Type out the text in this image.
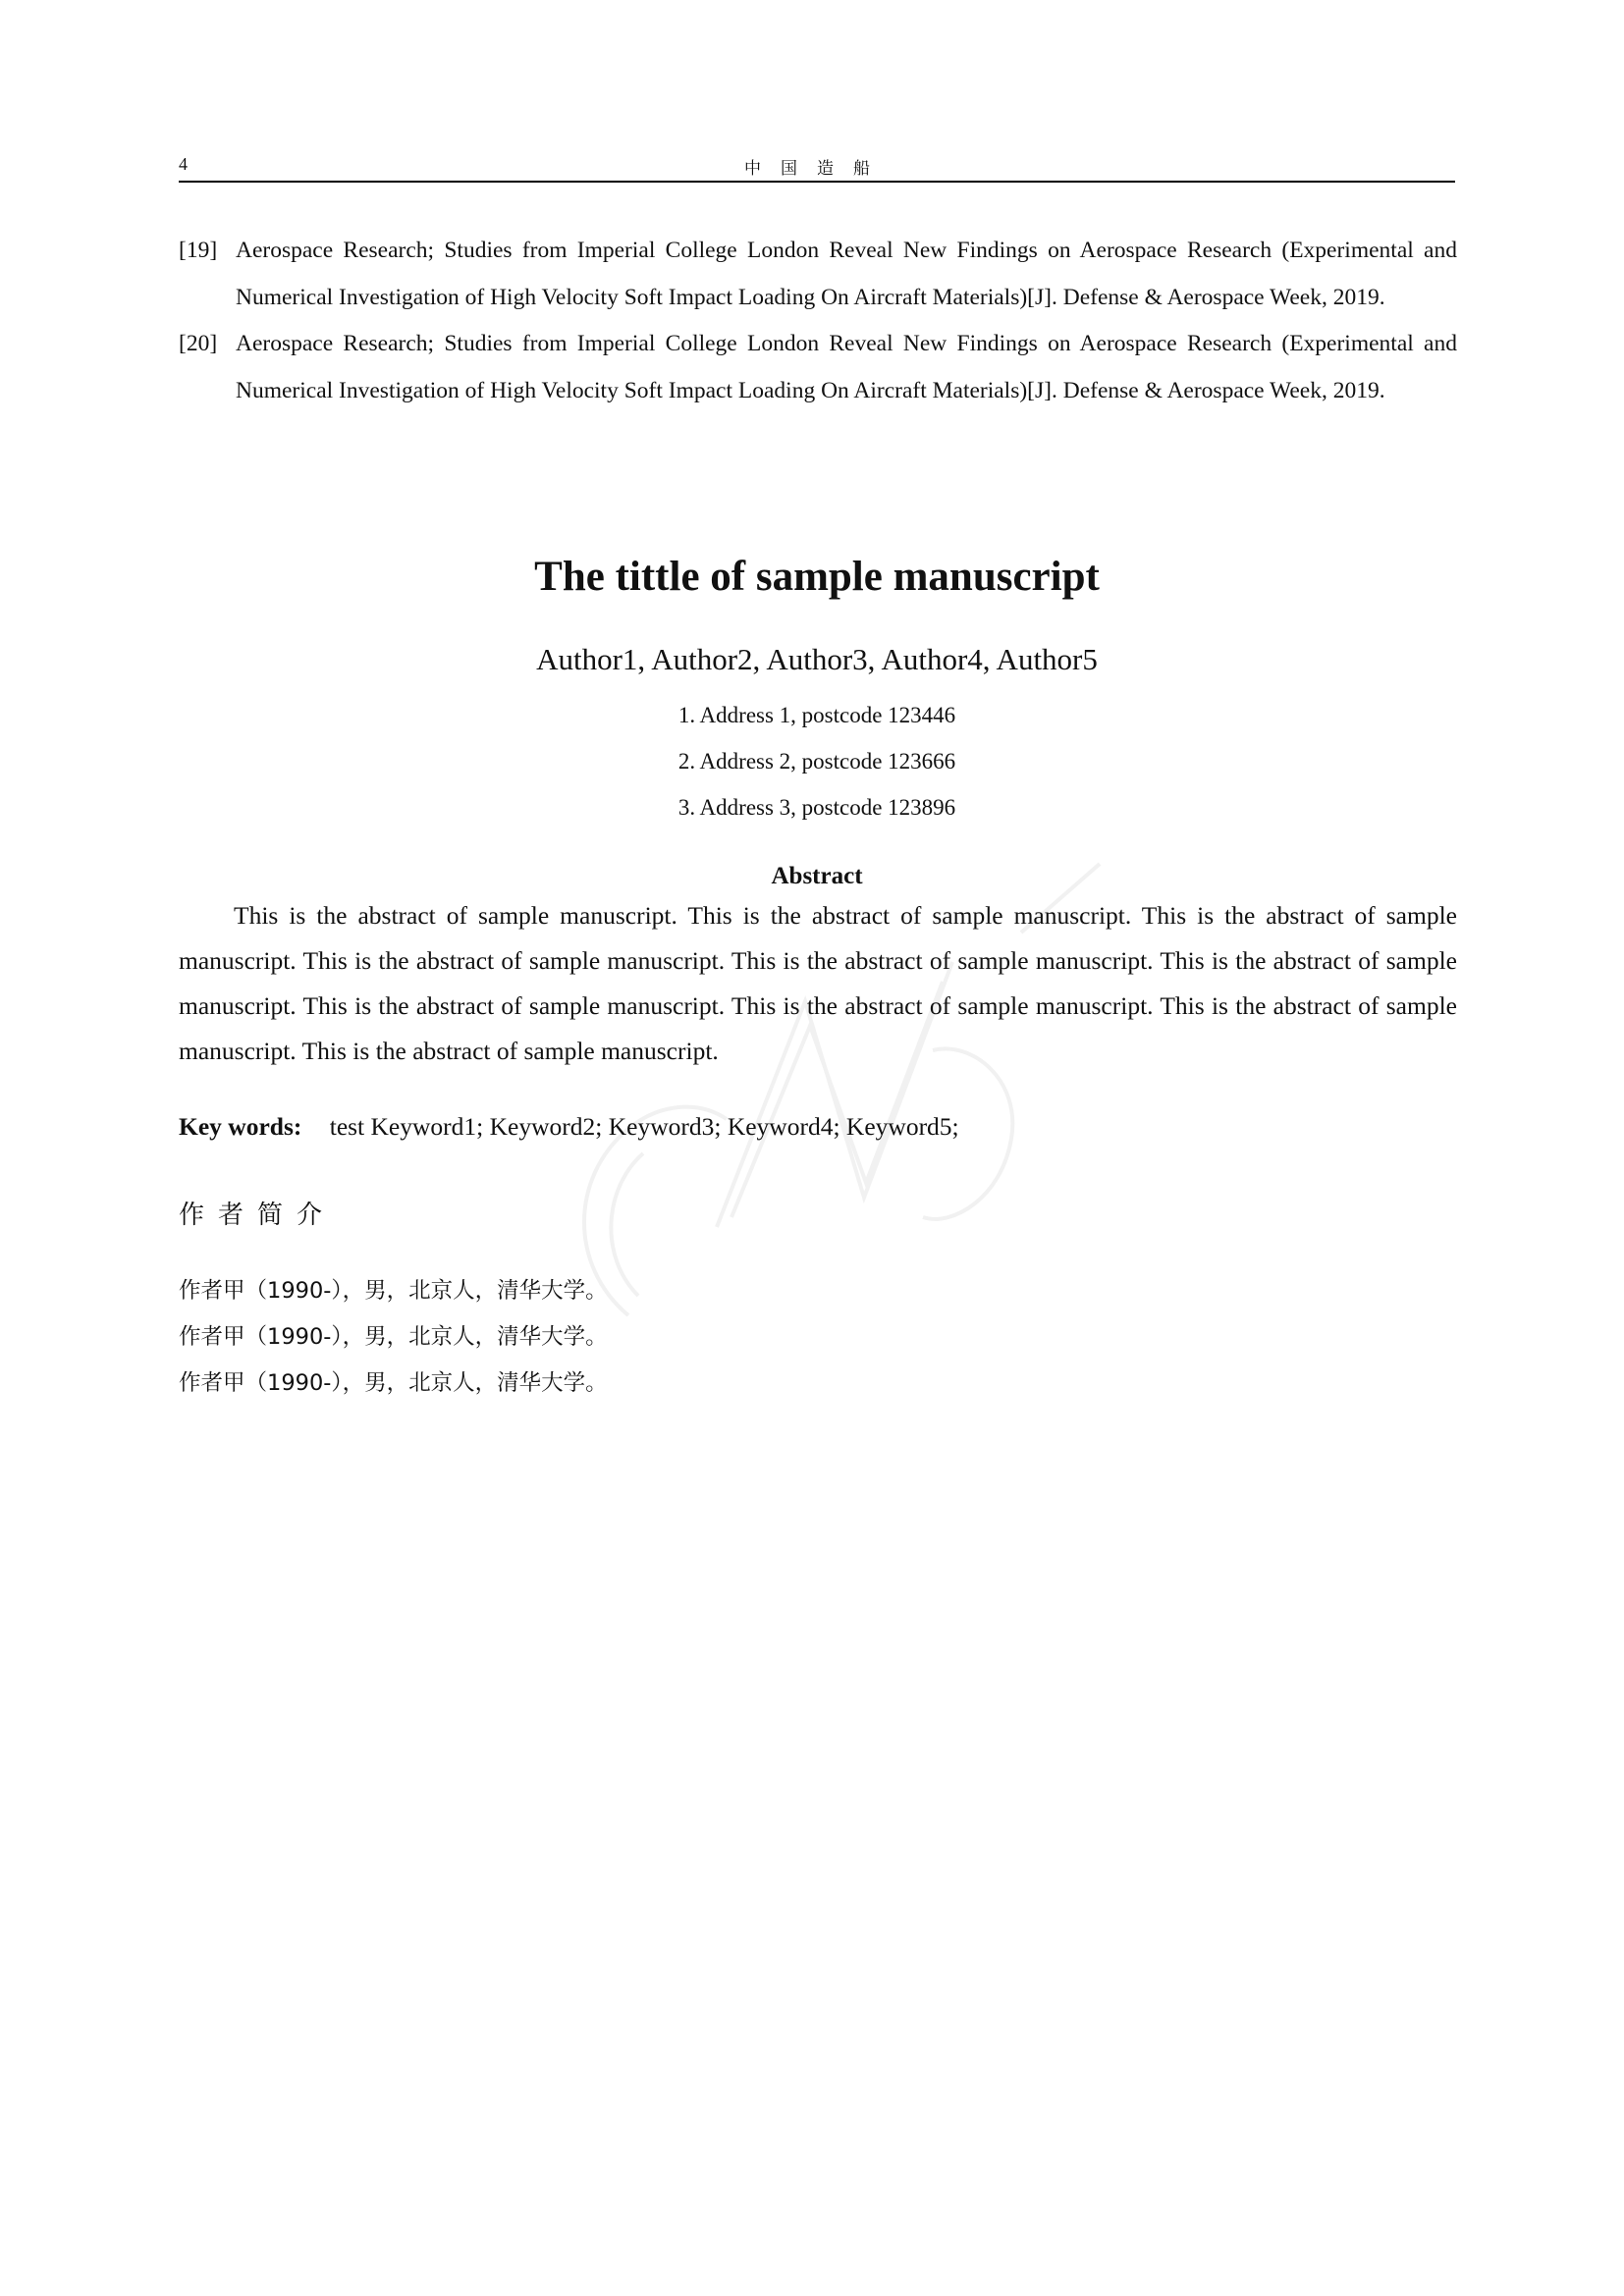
4	中国造船
[19] Aerospace Research; Studies from Imperial College London Reveal New Findings on Aerospace Research (Experimental and Numerical Investigation of High Velocity Soft Impact Loading On Aircraft Materials)[J]. Defense & Aerospace Week, 2019.
[20] Aerospace Research; Studies from Imperial College London Reveal New Findings on Aerospace Research (Experimental and Numerical Investigation of High Velocity Soft Impact Loading On Aircraft Materials)[J]. Defense & Aerospace Week, 2019.
The tittle of sample manuscript
Author1, Author2, Author3, Author4, Author5
1. Address 1, postcode 123446
2. Address 2, postcode 123666
3. Address 3, postcode 123896
Abstract
This is the abstract of sample manuscript. This is the abstract of sample manuscript. This is the abstract of sample manuscript. This is the abstract of sample manuscript. This is the abstract of sample manuscript. This is the abstract of sample manuscript. This is the abstract of sample manuscript. This is the abstract of sample manuscript. This is the abstract of sample manuscript. This is the abstract of sample manuscript.
Key words: test Keyword1; Keyword2; Keyword3; Keyword4; Keyword5;
作者简介
作者甲（1990-），男，北京人，清华大学。
作者甲（1990-），男，北京人，清华大学。
作者甲（1990-），男，北京人，清华大学。
